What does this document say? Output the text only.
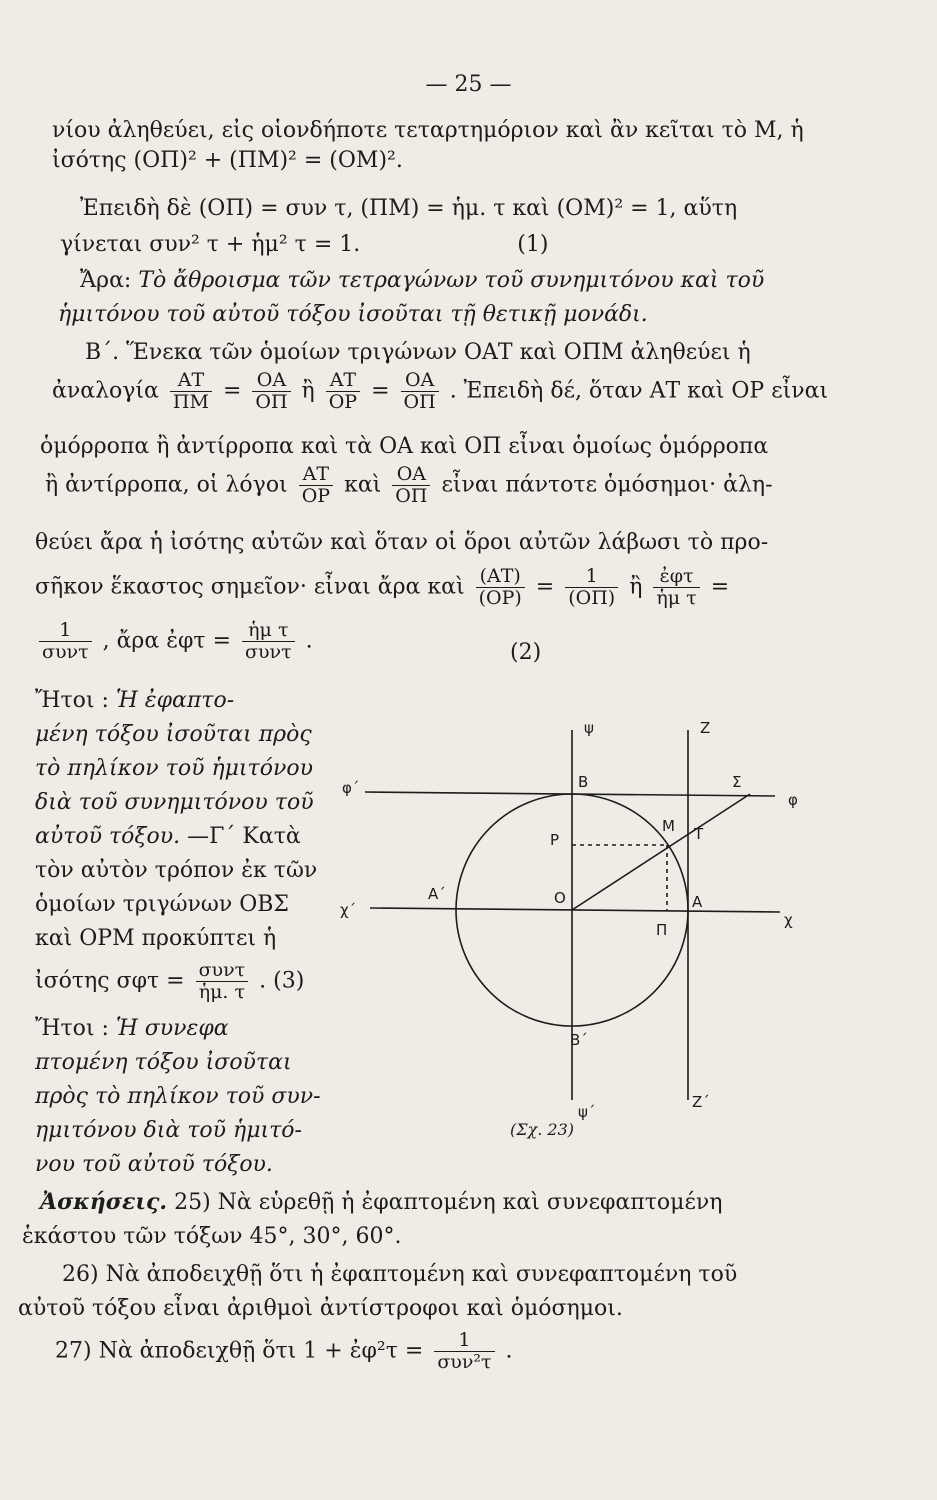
— 25 —
νίου ἀληθεύει, εἰς οἱονδήποτε τεταρτημόριον καὶ ἂν κεῖται τὸ Μ, ἡ
ἰσότης (ΟΠ)² + (ΠΜ)² = (ΟΜ)².
Ἐπειδὴ δὲ (ΟΠ) = συν τ, (ΠΜ) = ἡμ. τ καὶ (ΟΜ)² = 1, αὕτη
γίνεται συν² τ + ἡμ² τ = 1.	(1)
Ἄρα: Τὸ ἄθροισμα τῶν τετραγώνων τοῦ συνημιτόνου καὶ τοῦ
ἡμιτόνου τοῦ αὐτοῦ τόξου ἰσοῦται τῇ θετικῇ μονάδι.
Β΄. Ἕνεκα τῶν ὁμοίων τριγώνων ΟΑΤ καὶ ΟΠΜ ἀληθεύει ἡ
ἀναλογία $\frac{AT}{\Pi M} = \frac{OA}{O\Pi}$ ἢ $\frac{AT}{OP} = \frac{OA}{O\Pi}$ . Ἐπειδὴ δέ, ὅταν ΑΤ καὶ ΟΡ εἶναι
ὁμόρροπα ἢ ἀντίρροπα καὶ τὰ ΟΑ καὶ ΟΠ εἶναι ὁμοίως ὁμόρροπα
ἢ ἀντίρροπα, οἱ λόγοι $\frac{AT}{OP}$ καὶ $\frac{OA}{O\Pi}$ εἶναι πάντοτε ὁμόσημοι· ἀλη-
θεύει ἄρα ἡ ἰσότης αὐτῶν καὶ ὅταν οἱ ὅροι αὐτῶν λάβωσι τὸ προ-
σῆκον ἕκαστος σημεῖον· εἶναι ἄρα καὶ $\frac{(AT)}{(OP)} = \frac{1}{(O\Pi)}$ ἢ $\frac{\text{ἐφτ}}{\text{ἡμ τ}}$ =
$\frac{1}{\text{συντ}}$ , ἄρα ἐφτ = $\frac{\text{ἡμ τ}}{\text{συντ}}$ .	(2)
Ἤτοι : Ἡ ἐφαπτο-
μένη τόξου ἰσοῦται πρὸς
τὸ πηλίκον τοῦ ἡμιτόνου
διὰ τοῦ συνημιτόνου τοῦ
αὐτοῦ τόξου. —Γ΄ Κατὰ
τὸν αὐτὸν τρόπον ἐκ τῶν
ὁμοίων τριγώνων ΟΒΣ
καὶ ΟΡΜ προκύπτει ἡ
ἰσότης $\sigma\varphi\tau = \frac{\text{συντ}}{\text{ἡμ. τ}}$ . (3)
Ἤτοι : Ἡ συνεφα
πτομένη τόξου ἰσοῦται
πρὸς τὸ πηλίκον τοῦ συν-
ημιτόνου διὰ τοῦ ἡμιτό-
νου τοῦ αὐτοῦ τόξου.
ψ
ψ΄
Z
Z΄
φ΄
φ
χ΄
χ
B
Β΄
Σ
Ρ
Μ Τ
Ο	Α
Α΄
Π
(Σχ. 23)
Ἀσκήσεις. 25) Νὰ εὑρεθῇ ἡ ἐφαπτομένη καὶ συνεφαπτομένη
ἑκάστου τῶν τόξων 45°, 30°, 60°.
26) Νὰ ἀποδειχθῇ ὅτι ἡ ἐφαπτομένη καὶ συνεφαπτομένη τοῦ
αὐτοῦ τόξου εἶναι ἀριθμοὶ ἀντίστροφοι καὶ ὁμόσημοι.
27) Νὰ ἀποδειχθῇ ὅτι 1 + ἐφ²τ = $\frac{1}{\text{συν²τ}}$ .
